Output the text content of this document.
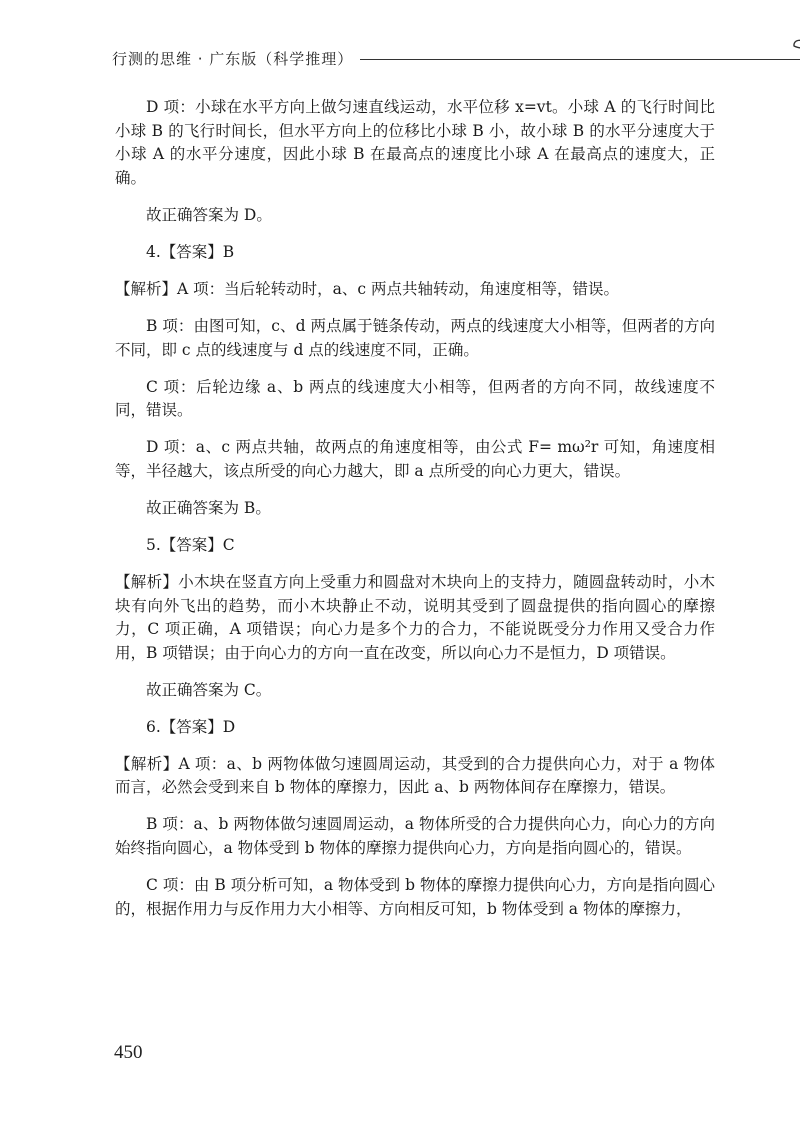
行测的思维 · 广东版（科学推理）

D 项：小球在水平方向上做匀速直线运动，水平位移 x=vt。小球 A 的飞行时间比小球 B 的飞行时间长，但水平方向上的位移比小球 B 小，故小球 B 的水平分速度大于小球 A 的水平分速度，因此小球 B 在最高点的速度比小球 A 在最高点的速度大，正确。

故正确答案为 D。

4.【答案】B

【解析】A 项：当后轮转动时，a、c 两点共轴转动，角速度相等，错误。

B 项：由图可知，c、d 两点属于链条传动，两点的线速度大小相等，但两者的方向不同，即 c 点的线速度与 d 点的线速度不同，正确。

C 项：后轮边缘 a、b 两点的线速度大小相等，但两者的方向不同，故线速度不同，错误。

D 项：a、c 两点共轴，故两点的角速度相等，由公式 F= mω²r 可知，角速度相等，半径越大，该点所受的向心力越大，即 a 点所受的向心力更大，错误。

故正确答案为 B。

5.【答案】C

【解析】小木块在竖直方向上受重力和圆盘对木块向上的支持力，随圆盘转动时，小木块有向外飞出的趋势，而小木块静止不动，说明其受到了圆盘提供的指向圆心的摩擦力，C 项正确，A 项错误；向心力是多个力的合力，不能说既受分力作用又受合力作用，B 项错误；由于向心力的方向一直在改变，所以向心力不是恒力，D 项错误。

故正确答案为 C。

6.【答案】D

【解析】A 项：a、b 两物体做匀速圆周运动，其受到的合力提供向心力，对于 a 物体而言，必然会受到来自 b 物体的摩擦力，因此 a、b 两物体间存在摩擦力，错误。

B 项：a、b 两物体做匀速圆周运动，a 物体所受的合力提供向心力，向心力的方向始终指向圆心，a 物体受到 b 物体的摩擦力提供向心力，方向是指向圆心的，错误。

C 项：由 B 项分析可知，a 物体受到 b 物体的摩擦力提供向心力，方向是指向圆心的，根据作用力与反作用力大小相等、方向相反可知，b 物体受到 a 物体的摩擦力，

450
